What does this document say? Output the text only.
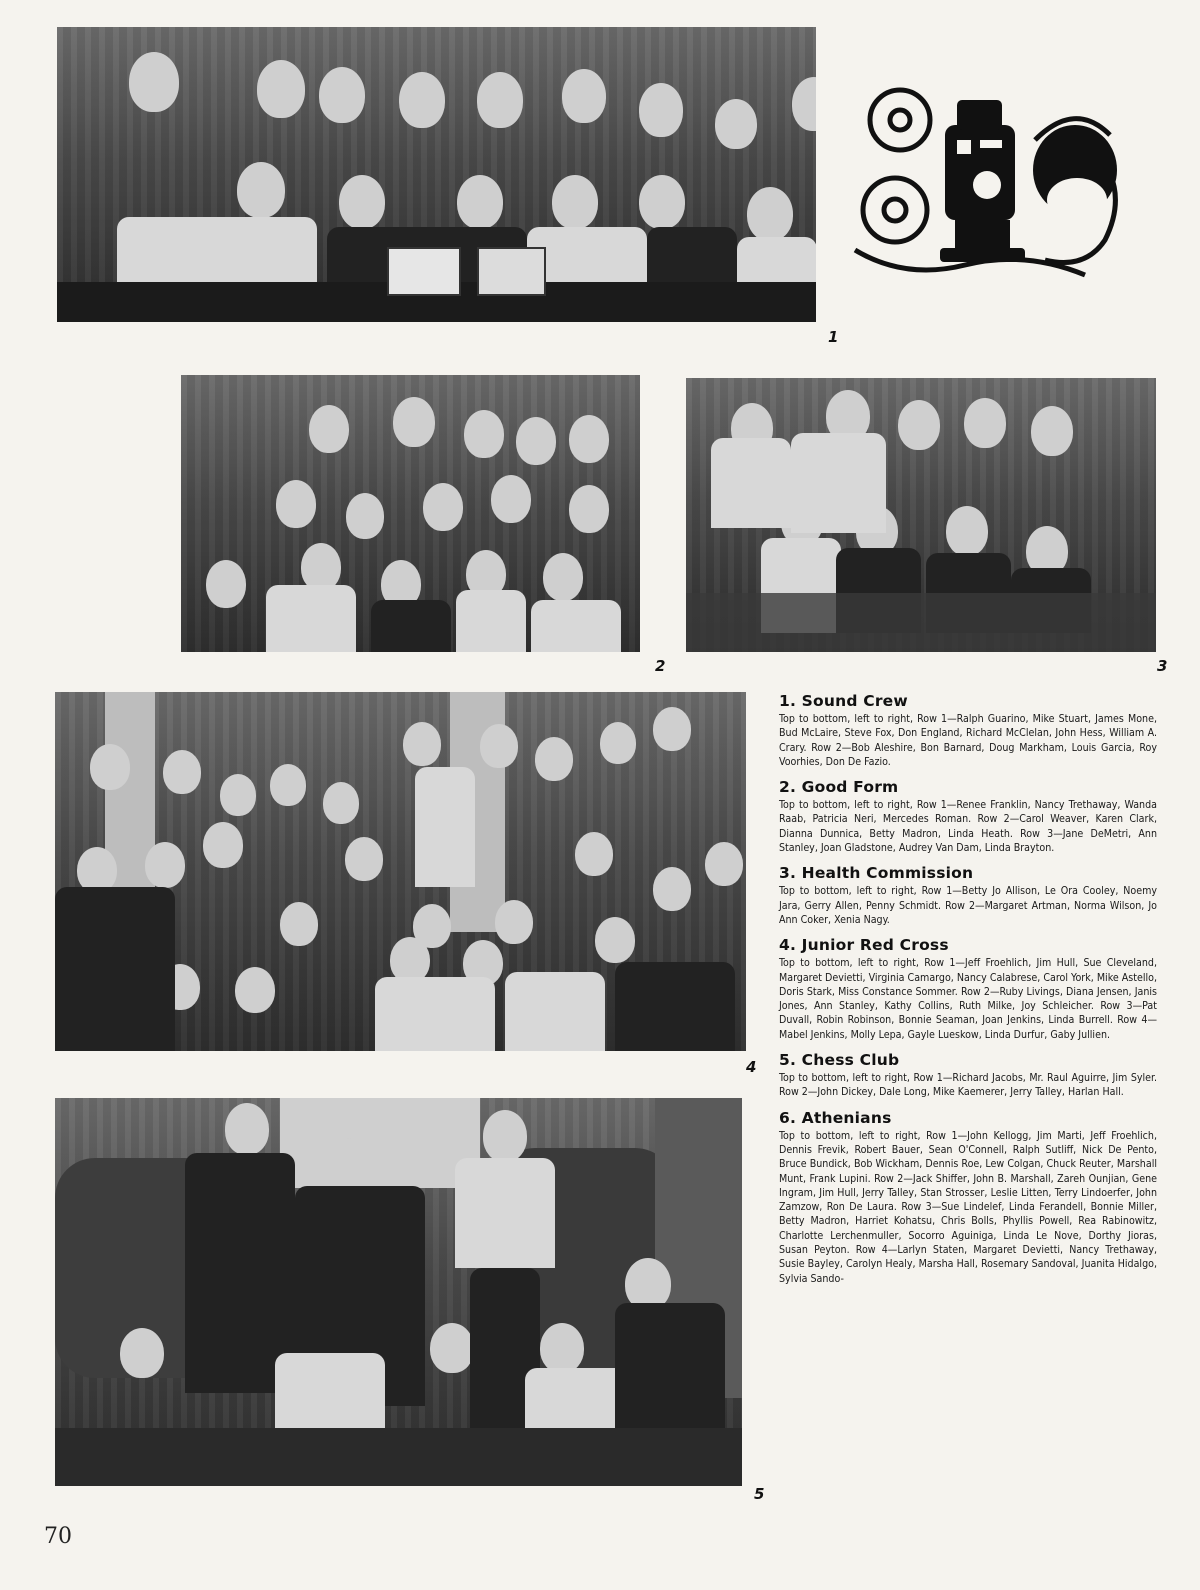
1
2	3
4
5
1. Sound Crew

Top to bottom, left to right, Row 1—Ralph Guarino, Mike Stuart, James Mone, Bud McLaire, Steve Fox, Don England, Richard McClelan, John Hess, William A. Crary. Row 2—Bob Aleshire, Bon Barnard, Doug Markham, Louis Garcia, Roy Voorhies, Don De Fazio.

2. Good Form

Top to bottom, left to right, Row 1—Renee Franklin, Nancy Trethaway, Wanda Raab, Patricia Neri, Mercedes Roman. Row 2—Carol Weaver, Karen Clark, Dianna Dunnica, Betty Madron, Linda Heath. Row 3—Jane DeMetri, Ann Stanley, Joan Gladstone, Audrey Van Dam, Linda Brayton.

3. Health Commission

Top to bottom, left to right, Row 1—Betty Jo Allison, Le Ora Cooley, Noemy Jara, Gerry Allen, Penny Schmidt. Row 2—Margaret Artman, Norma Wilson, Jo Ann Coker, Xenia Nagy.

4. Junior Red Cross

Top to bottom, left to right, Row 1—Jeff Froehlich, Jim Hull, Sue Cleveland, Margaret Devietti, Virginia Camargo, Nancy Calabrese, Carol York, Mike Astello, Doris Stark, Miss Constance Sommer. Row 2—Ruby Livings, Diana Jensen, Janis Jones, Ann Stanley, Kathy Collins, Ruth Milke, Joy Schleicher. Row 3—Pat Duvall, Robin Robinson, Bonnie Seaman, Joan Jenkins, Linda Burrell. Row 4—Mabel Jenkins, Molly Lepa, Gayle Lueskow, Linda Durfur, Gaby Jullien.

5. Chess Club

Top to bottom, left to right, Row 1—Richard Jacobs, Mr. Raul Aguirre, Jim Syler. Row 2—John Dickey, Dale Long, Mike Kaemerer, Jerry Talley, Harlan Hall.

6. Athenians

Top to bottom, left to right, Row 1—John Kellogg, Jim Marti, Jeff Froehlich, Dennis Frevik, Robert Bauer, Sean O'Connell, Ralph Sutliff, Nick De Pento, Bruce Bundick, Bob Wickham, Dennis Roe, Lew Colgan, Chuck Reuter, Marshall Munt, Frank Lupini. Row 2—Jack Shiffer, John B. Marshall, Zareh Ounjian, Gene Ingram, Jim Hull, Jerry Talley, Stan Strosser, Leslie Litten, Terry Lindoerfer, John Zamzow, Ron De Laura. Row 3—Sue Lindelef, Linda Ferandell, Bonnie Miller, Betty Madron, Harriet Kohatsu, Chris Bolls, Phyllis Powell, Rea Rabinowitz, Charlotte Lerchenmuller, Socorro Aguiniga, Linda Le Nove, Dorthy Jioras, Susan Peyton. Row 4—Larlyn Staten, Margaret Devietti, Nancy Trethaway, Susie Bayley, Carolyn Healy, Marsha Hall, Rosemary Sandoval, Juanita Hidalgo, Sylvia Sando-

70
